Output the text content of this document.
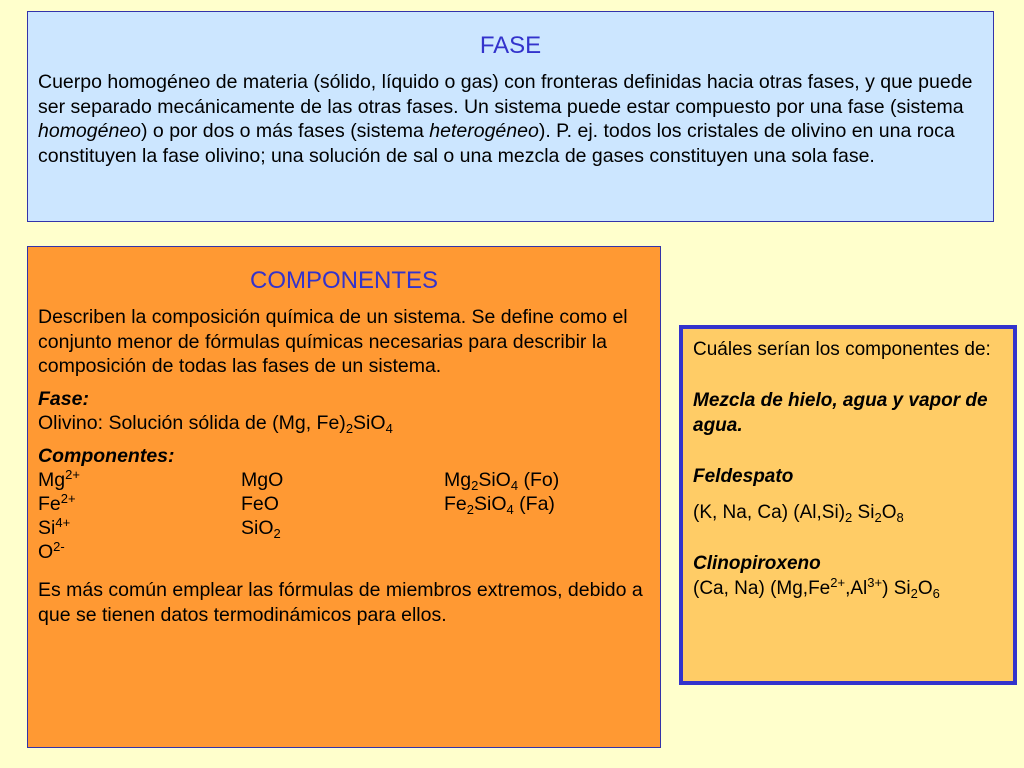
FASE

Cuerpo homogéneo de materia (sólido, líquido o gas) con fronteras definidas hacia otras fases, y que puede ser separado mecánicamente de las otras fases. Un sistema puede estar compuesto por una fase (sistema homogéneo) o por dos o más fases (sistema heterogéneo). P. ej. todos los cristales de olivino en una roca constituyen la fase olivino; una solución de sal o una mezcla de gases constituyen una sola fase.

COMPONENTES

Describen la composición química de un sistema. Se define como el conjunto menor de fórmulas químicas necesarias para describir la composición de todas las fases de un sistema.

Fase:

Olivino: Solución sólida de (Mg, $Fe)_2SiO_4$

Componentes:

$Mg^{2+}$	MgO	$Mg_2SiO_4$ (Fo)
$Fe^{2+}$	FeO	$Fe_2SiO_4$ (Fa)
$Si^{4+}$	SiO$_2$
$O^{2-}$

Es más común emplear las fórmulas de miembros extremos, debido a que se tienen datos termodinámicos para ellos.

Cuáles serían los componentes de:

Mezcla de hielo, agua y vapor de agua.

Feldespato

(K, Na, Ca) $(Al,Si)_2$ $Si_2O_8$

Clinopiroxeno

(Ca, Na) $(Mg,Fe^{2+},Al^{3+})$ $Si_2O_6$
